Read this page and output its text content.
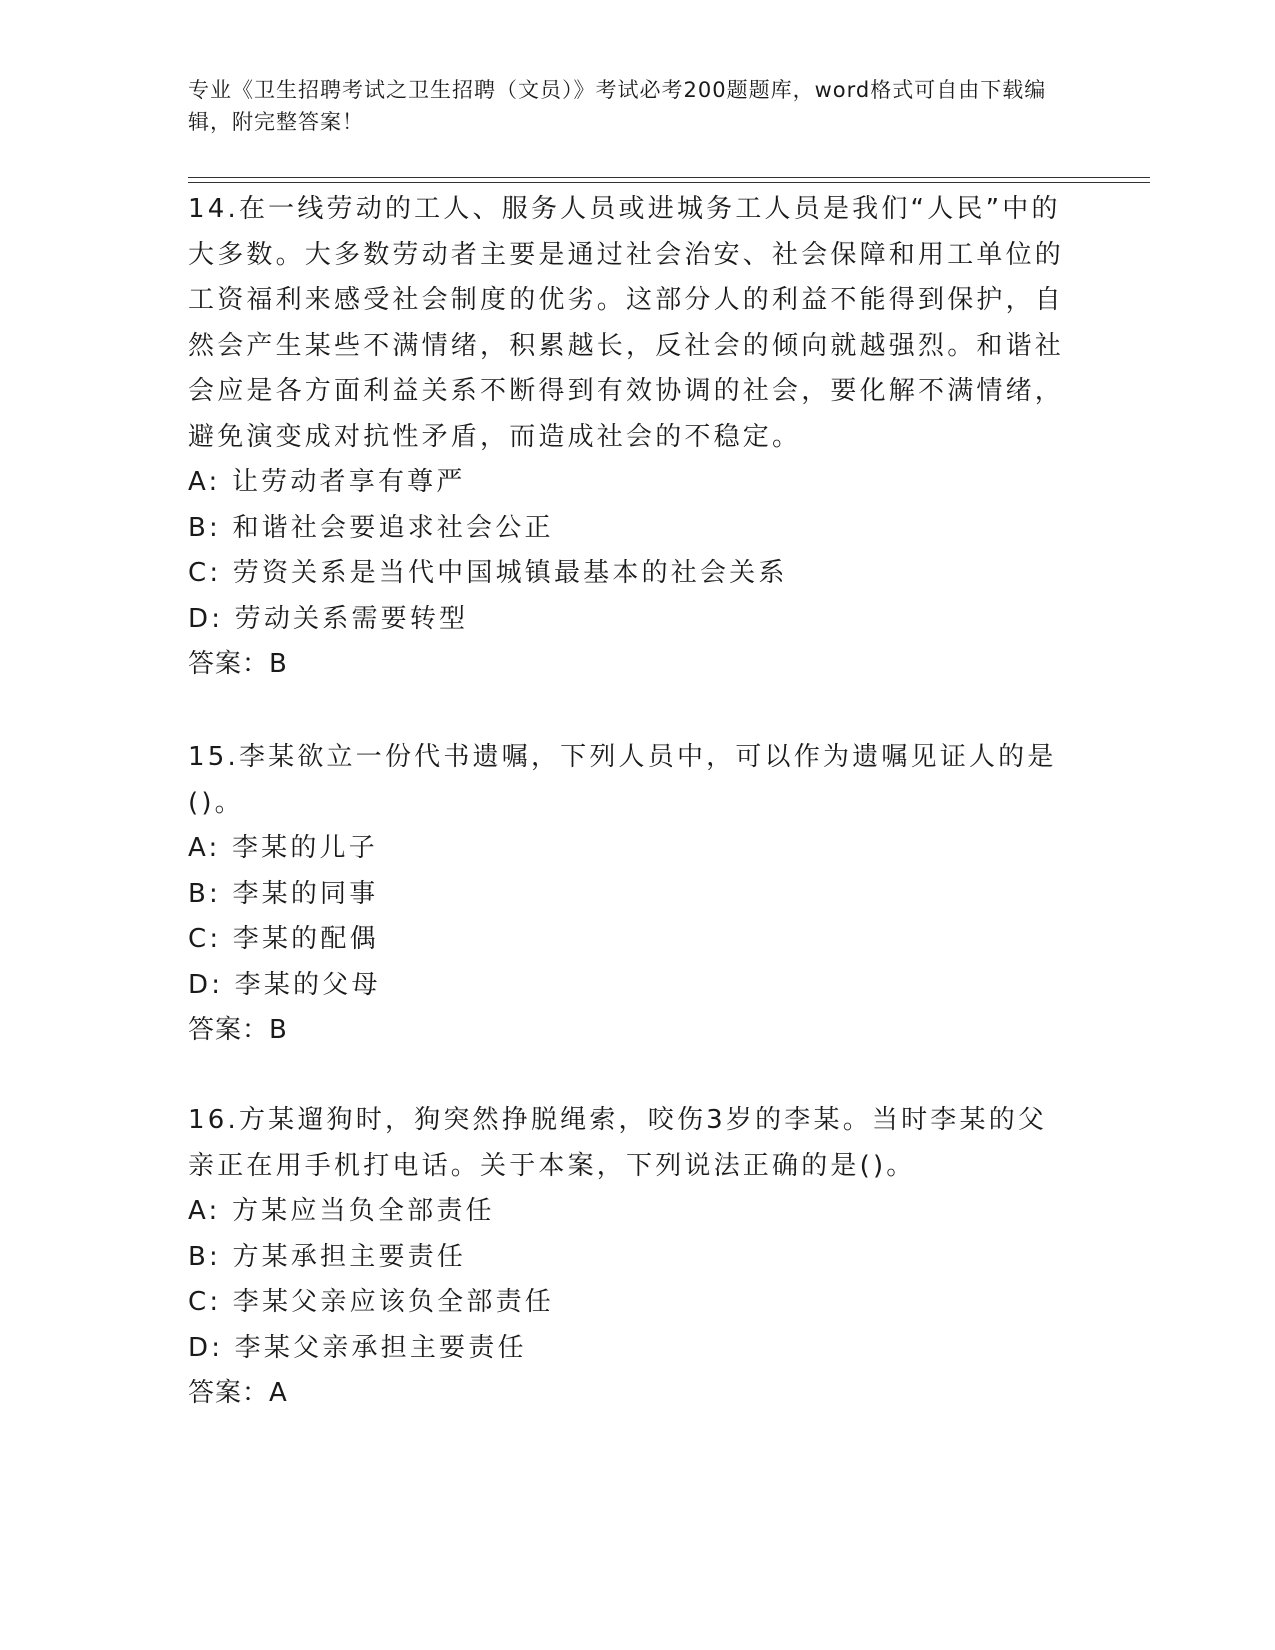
专业《卫生招聘考试之卫生招聘（文员）》考试必考200题题库，word格式可自由下载编辑，附完整答案！

14.在一线劳动的工人、服务人员或进城务工人员是我们“人民”中的大多数。大多数劳动者主要是通过社会治安、社会保障和用工单位的工资福利来感受社会制度的优劣。这部分人的利益不能得到保护，自然会产生某些不满情绪，积累越长，反社会的倾向就越强烈。和谐社会应是各方面利益关系不断得到有效协调的社会，要化解不满情绪，避免演变成对抗性矛盾，而造成社会的不稳定。

A: 让劳动者享有尊严

B: 和谐社会要追求社会公正

C: 劳资关系是当代中国城镇最基本的社会关系

D: 劳动关系需要转型

答案：B

15.李某欲立一份代书遗嘱，下列人员中，可以作为遗嘱见证人的是()。

A: 李某的儿子

B: 李某的同事

C: 李某的配偶

D: 李某的父母

答案：B

16.方某遛狗时，狗突然挣脱绳索，咬伤3岁的李某。当时李某的父亲正在用手机打电话。关于本案，下列说法正确的是()。

A: 方某应当负全部责任

B: 方某承担主要责任

C: 李某父亲应该负全部责任

D: 李某父亲承担主要责任

答案：A
